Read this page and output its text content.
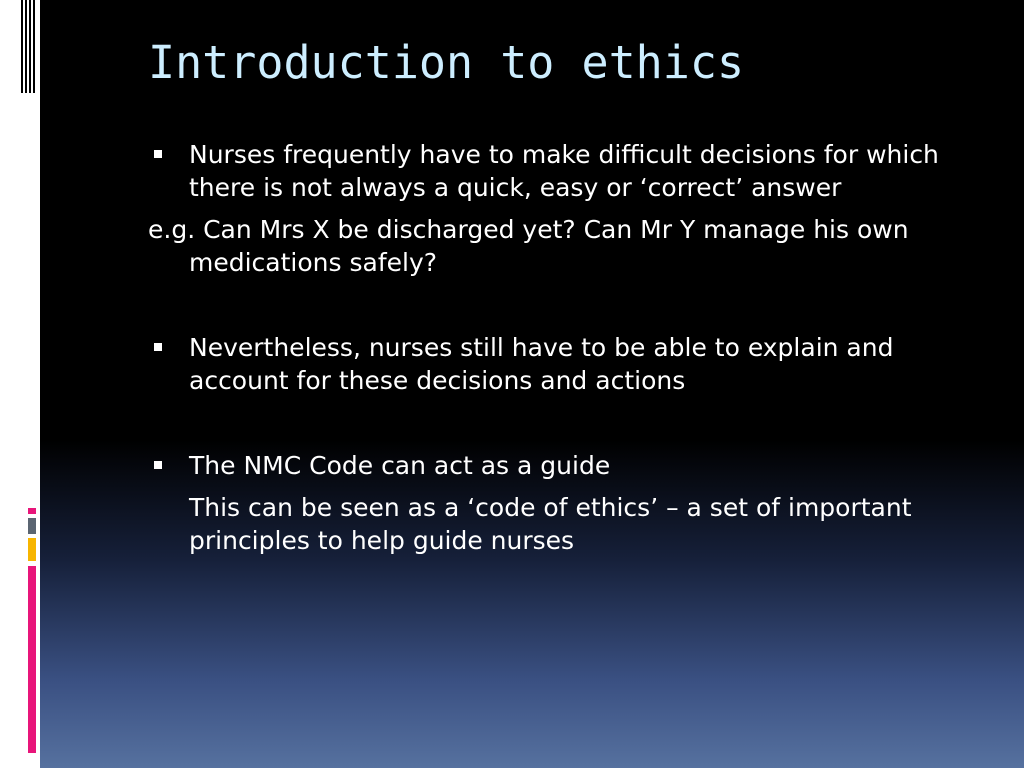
Introduction to ethics
Nurses frequently have to make difficult decisions for which there is not always a quick, easy or ‘correct’ answer
e.g. Can Mrs X be discharged yet? Can Mr Y manage his own medications safely?
Nevertheless, nurses still have to be able to explain and account for these decisions and actions
The NMC Code can act as a guide
This can be seen as a ‘code of ethics’ – a set of important principles to help guide nurses
